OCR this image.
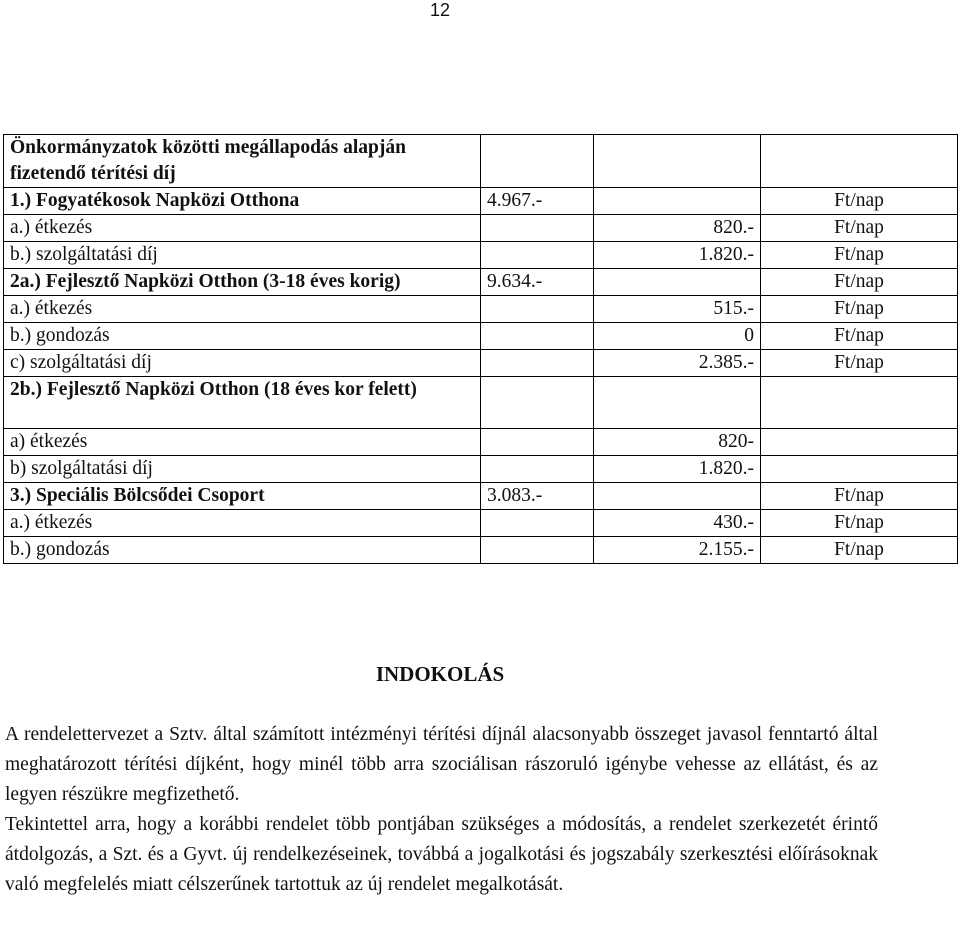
12
Önkormányzatok közötti megállapodás alapján fizetendő térítési díj			
1.) Fogyatékosok Napközi Otthona	4.967.-		Ft/nap
a.) étkezés		820.-	Ft/nap
b.) szolgáltatási díj		1.820.-	Ft/nap
2a.) Fejlesztő Napközi Otthon (3-18 éves korig)	9.634.-		Ft/nap
a.) étkezés		515.-	Ft/nap
b.) gondozás		0	Ft/nap
c) szolgáltatási díj		2.385.-	Ft/nap
2b.) Fejlesztő Napközi Otthon (18 éves kor felett)			
a) étkezés		820-	
b) szolgáltatási díj		1.820.-	
3.) Speciális Bölcsődei Csoport	3.083.-		Ft/nap
a.) étkezés		430.-	Ft/nap
b.) gondozás		2.155.-	Ft/nap
INDOKOLÁS

A rendelettervezet a Sztv. által számított intézményi térítési díjnál alacsonyabb összeget javasol fenntartó által meghatározott térítési díjként, hogy minél több arra szociálisan rászoruló igénybe vehesse az ellátást, és az legyen részükre megfizethető.

Tekintettel arra, hogy a korábbi rendelet több pontjában szükséges a módosítás, a rendelet szerkezetét érintő átdolgozás, a Szt. és a Gyvt. új rendelkezéseinek, továbbá a jogalkotási és jogszabály szerkesztési előírásoknak való megfelelés miatt célszerűnek tartottuk az új rendelet megalkotását.
